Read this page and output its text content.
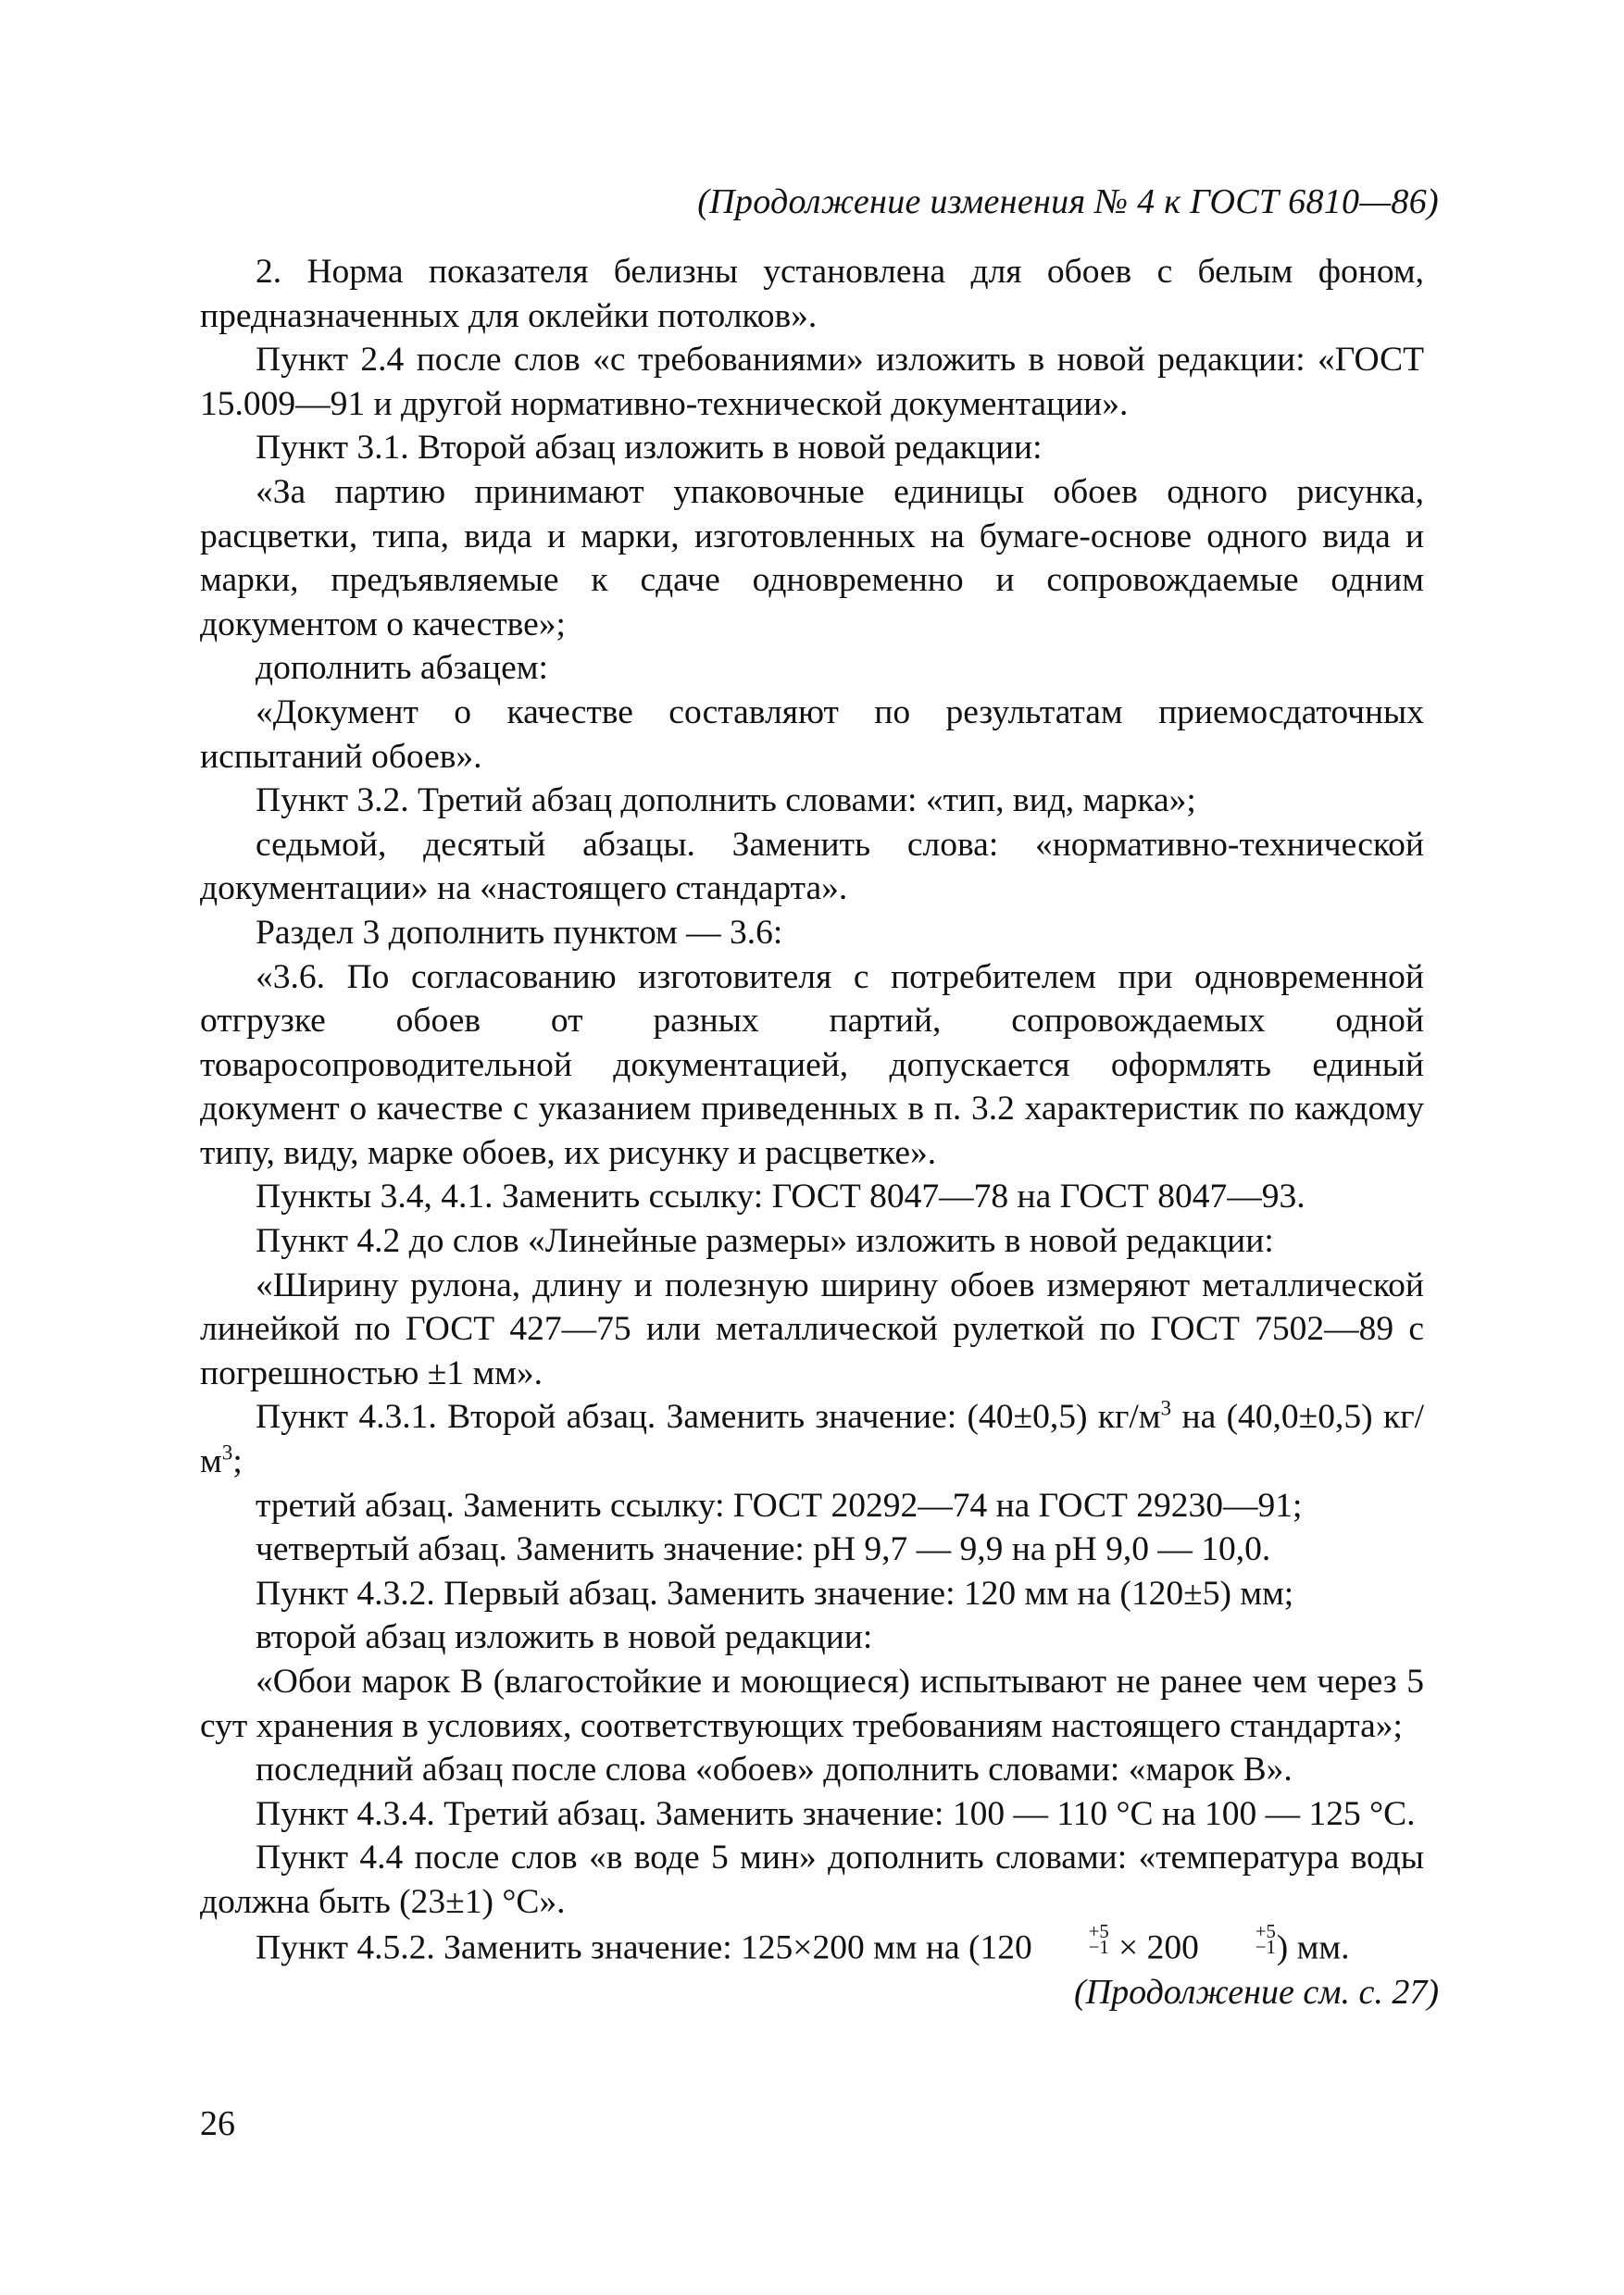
(Продолжение изменения № 4 к ГОСТ 6810—86)

2. Норма показателя белизны установлена для обоев с белым фоном, предназначенных для оклейки потолков».

Пункт 2.4 после слов «с требованиями» изложить в новой редакции: «ГОСТ 15.009—91 и другой нормативно-технической документации».

Пункт 3.1. Второй абзац изложить в новой редакции:

«За партию принимают упаковочные единицы обоев одного рисунка, расцветки, типа, вида и марки, изготовленных на бумаге-основе одного вида и марки, предъявляемые к сдаче одновременно и сопровождаемые одним документом о качестве»;

дополнить абзацем:

«Документ о качестве составляют по результатам приемосдаточных испытаний обоев».

Пункт 3.2. Третий абзац дополнить словами: «тип, вид, марка»;

седьмой, десятый абзацы. Заменить слова: «нормативно-технической документации» на «настоящего стандарта».

Раздел 3 дополнить пунктом — 3.6:

«3.6. По согласованию изготовителя с потребителем при одновременной отгрузке обоев от разных партий, сопровождаемых одной товаросопроводительной документацией, допускается оформлять единый документ о качестве с указанием приведенных в п. 3.2 характеристик по каждому типу, виду, марке обоев, их рисунку и расцветке».

Пункты 3.4, 4.1. Заменить ссылку: ГОСТ 8047—78 на ГОСТ 8047—93.

Пункт 4.2 до слов «Линейные размеры» изложить в новой редакции:

«Ширину рулона, длину и полезную ширину обоев измеряют металлической линейкой по ГОСТ 427—75 или металлической рулеткой по ГОСТ 7502—89 с погрешностью ±1 мм».

Пункт 4.3.1. Второй абзац. Заменить значение: (40±0,5) $кг/м^3$ на (40,0±0,5) $кг/м^3$;

третий абзац. Заменить ссылку: ГОСТ 20292—74 на ГОСТ 29230—91;

четвертый абзац. Заменить значение: pH 9,7 — 9,9 на pH 9,0 — 10,0.

Пункт 4.3.2. Первый абзац. Заменить значение: 120 мм на (120±5) мм;

второй абзац изложить в новой редакции:

«Обои марок В (влагостойкие и моющиеся) испытывают не ранее чем через 5 сут хранения в условиях, соответствующих требованиям настоящего стандарта»;

последний абзац после слова «обоев» дополнить словами: «марок В».

Пункт 4.3.4. Третий абзац. Заменить значение: 100 — 110 °С на 100 — 125 °С.

Пункт 4.4 после слов «в воде 5 мин» дополнить словами: «температура воды должна быть (23±1) °С».

Пункт 4.5.2. Заменить значение: 125×200 мм на (120	+5
−1 × 200	+5
−1 ) мм.

(Продолжение см. с. 27)
26
